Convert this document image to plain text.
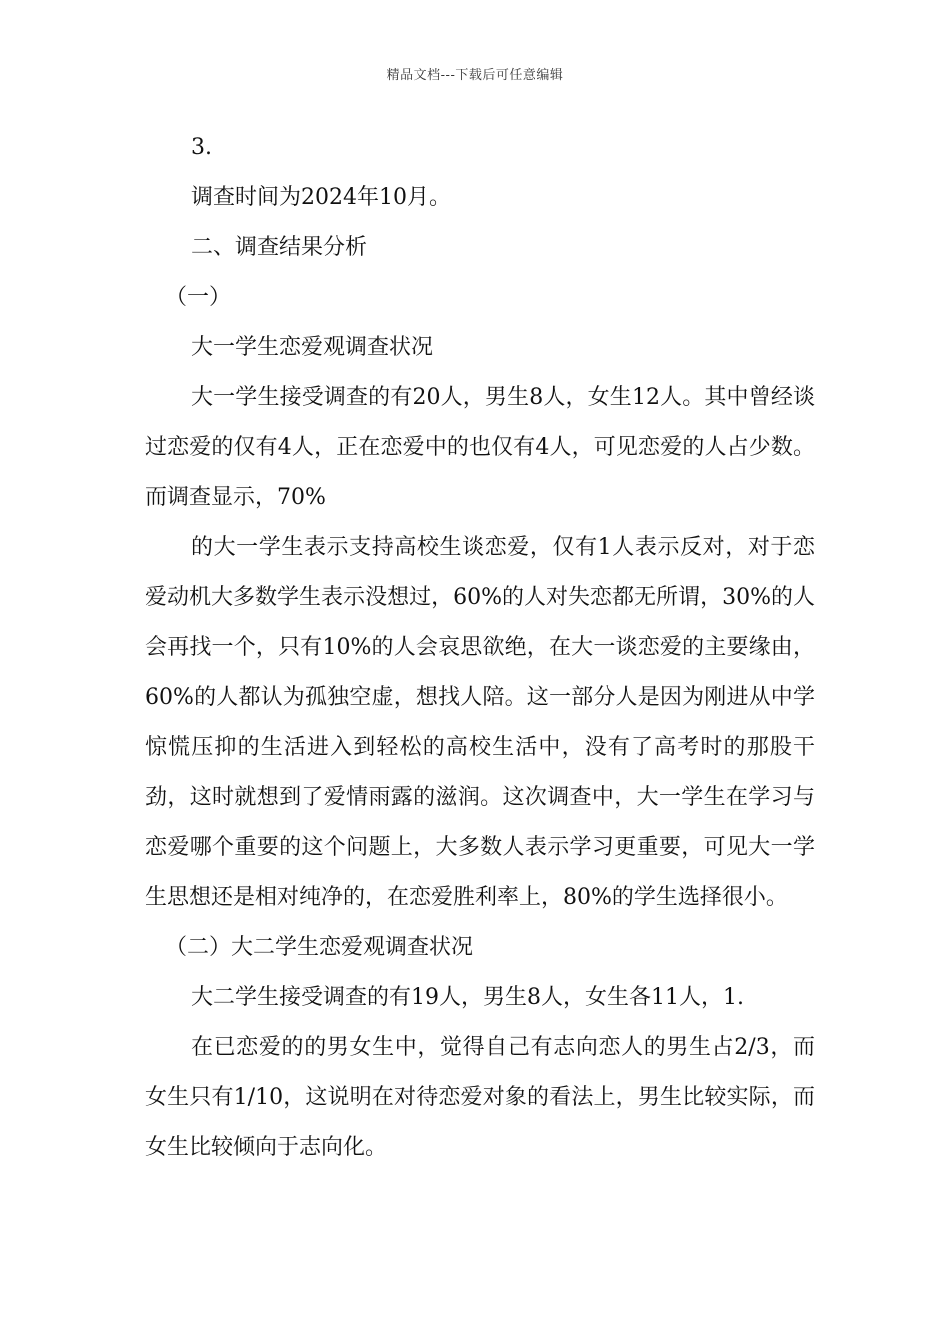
精品文档---下载后可任意编辑

3.

调查时间为2024年10月。

二、调查结果分析

（一）

大一学生恋爱观调查状况

大一学生接受调查的有20人，男生8人，女生12人。其中曾经谈过恋爱的仅有4人，正在恋爱中的也仅有4人，可见恋爱的人占少数。而调查显示，70%

的大一学生表示支持高校生谈恋爱，仅有1人表示反对，对于恋爱动机大多数学生表示没想过，60%的人对失恋都无所谓，30%的人会再找一个，只有10%的人会哀思欲绝，在大一谈恋爱的主要缘由，60%的人都认为孤独空虚，想找人陪。这一部分人是因为刚进从中学惊慌压抑的生活进入到轻松的高校生活中，没有了高考时的那股干劲，这时就想到了爱情雨露的滋润。这次调查中，大一学生在学习与恋爱哪个重要的这个问题上，大多数人表示学习更重要，可见大一学生思想还是相对纯净的，在恋爱胜利率上，80%的学生选择很小。

（二）大二学生恋爱观调查状况

大二学生接受调查的有19人，男生8人，女生各11人，1.

在已恋爱的的男女生中，觉得自己有志向恋人的男生占2/3，而女生只有1/10，这说明在对待恋爱对象的看法上，男生比较实际，而女生比较倾向于志向化。
